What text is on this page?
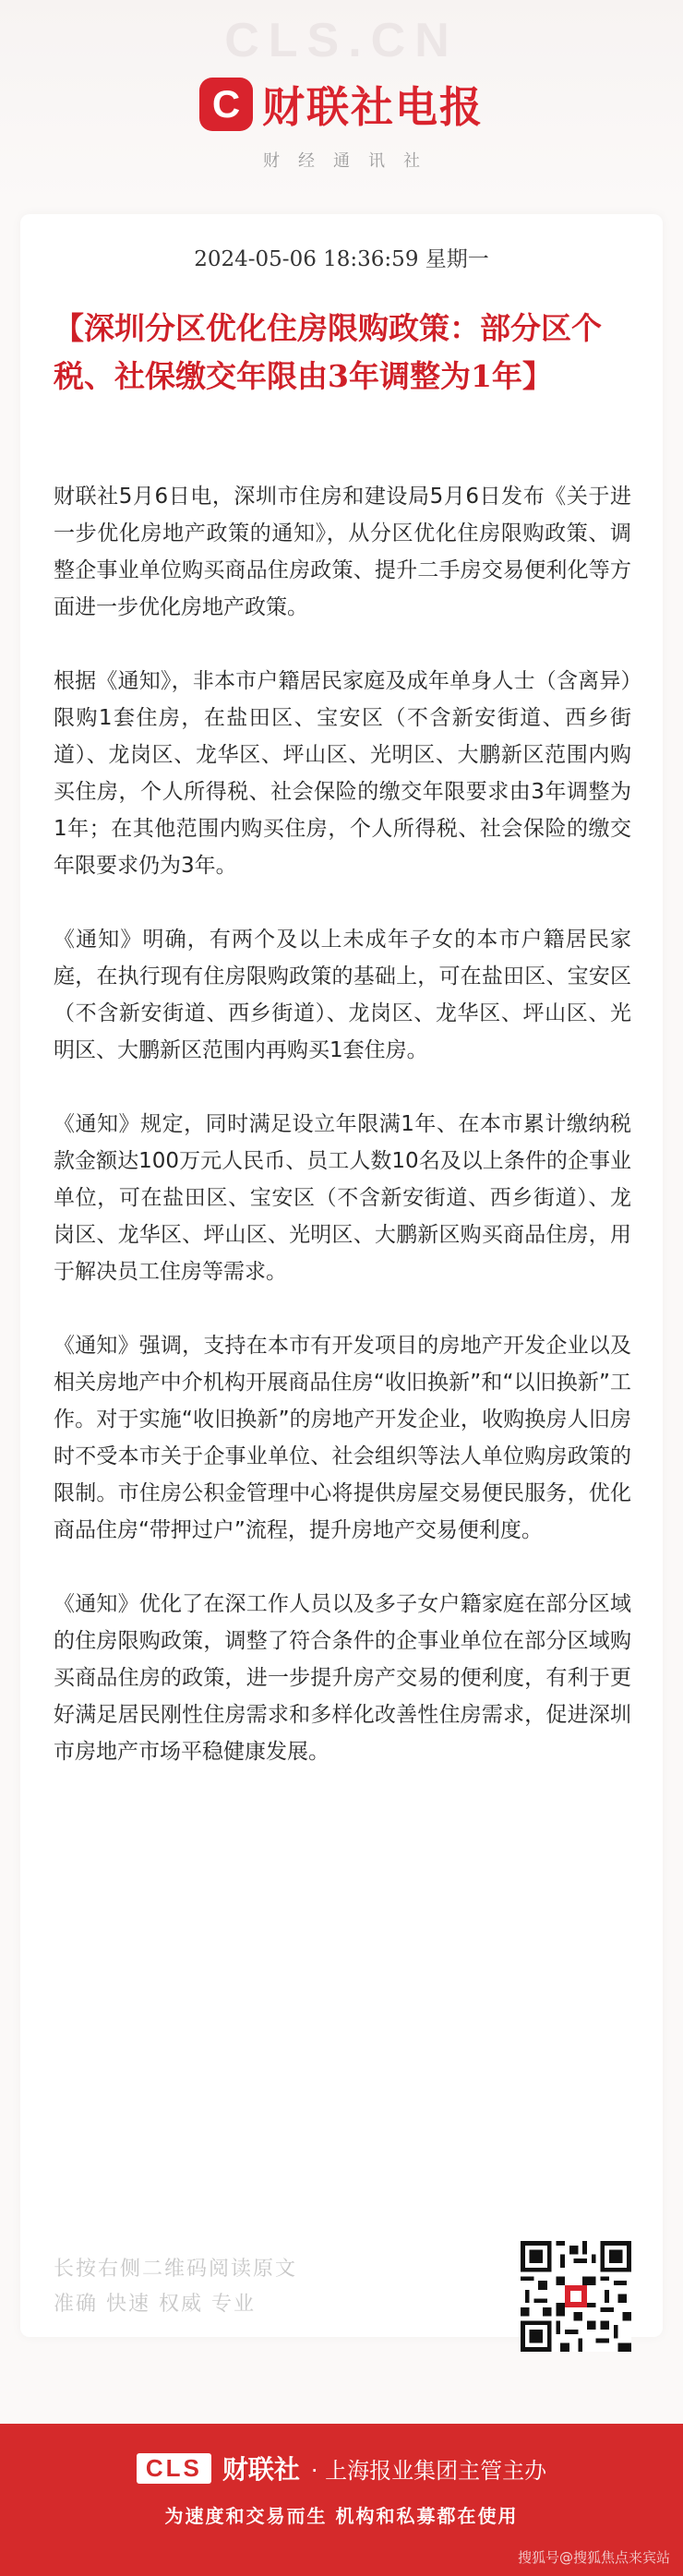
CLS.CN
C 财联社电报
财经通讯社
2024-05-06 18:36:59 星期一
【深圳分区优化住房限购政策：部分区个税、社保缴交年限由3年调整为1年】

财联社5月6日电，深圳市住房和建设局5月6日发布《关于进一步优化房地产政策的通知》，从分区优化住房限购政策、调整企事业单位购买商品住房政策、提升二手房交易便利化等方面进一步优化房地产政策。

根据《通知》，非本市户籍居民家庭及成年单身人士（含离异）限购1套住房，在盐田区、宝安区（不含新安街道、西乡街道）、龙岗区、龙华区、坪山区、光明区、大鹏新区范围内购买住房，个人所得税、社会保险的缴交年限要求由3年调整为1年；在其他范围内购买住房，个人所得税、社会保险的缴交年限要求仍为3年。

《通知》明确，有两个及以上未成年子女的本市户籍居民家庭，在执行现有住房限购政策的基础上，可在盐田区、宝安区（不含新安街道、西乡街道）、龙岗区、龙华区、坪山区、光明区、大鹏新区范围内再购买1套住房。

《通知》规定，同时满足设立年限满1年、在本市累计缴纳税款金额达100万元人民币、员工人数10名及以上条件的企事业单位，可在盐田区、宝安区（不含新安街道、西乡街道）、龙岗区、龙华区、坪山区、光明区、大鹏新区购买商品住房，用于解决员工住房等需求。

《通知》强调，支持在本市有开发项目的房地产开发企业以及相关房地产中介机构开展商品住房“收旧换新”和“以旧换新”工作。对于实施“收旧换新”的房地产开发企业，收购换房人旧房时不受本市关于企事业单位、社会组织等法人单位购房政策的限制。市住房公积金管理中心将提供房屋交易便民服务，优化商品住房“带押过户”流程，提升房地产交易便利度。

《通知》优化了在深工作人员以及多子女户籍家庭在部分区域的住房限购政策，调整了符合条件的企事业单位在部分区域购买商品住房的政策，进一步提升房产交易的便利度，有利于更好满足居民刚性住房需求和多样化改善性住房需求，促进深圳市房地产市场平稳健康发展。

长按右侧二维码阅读原文
准确 快速 权威 专业
CLS 财联社 · 上海报业集团主管主办
为速度和交易而生 机构和私募都在使用
搜狐号@搜狐焦点来宾站
